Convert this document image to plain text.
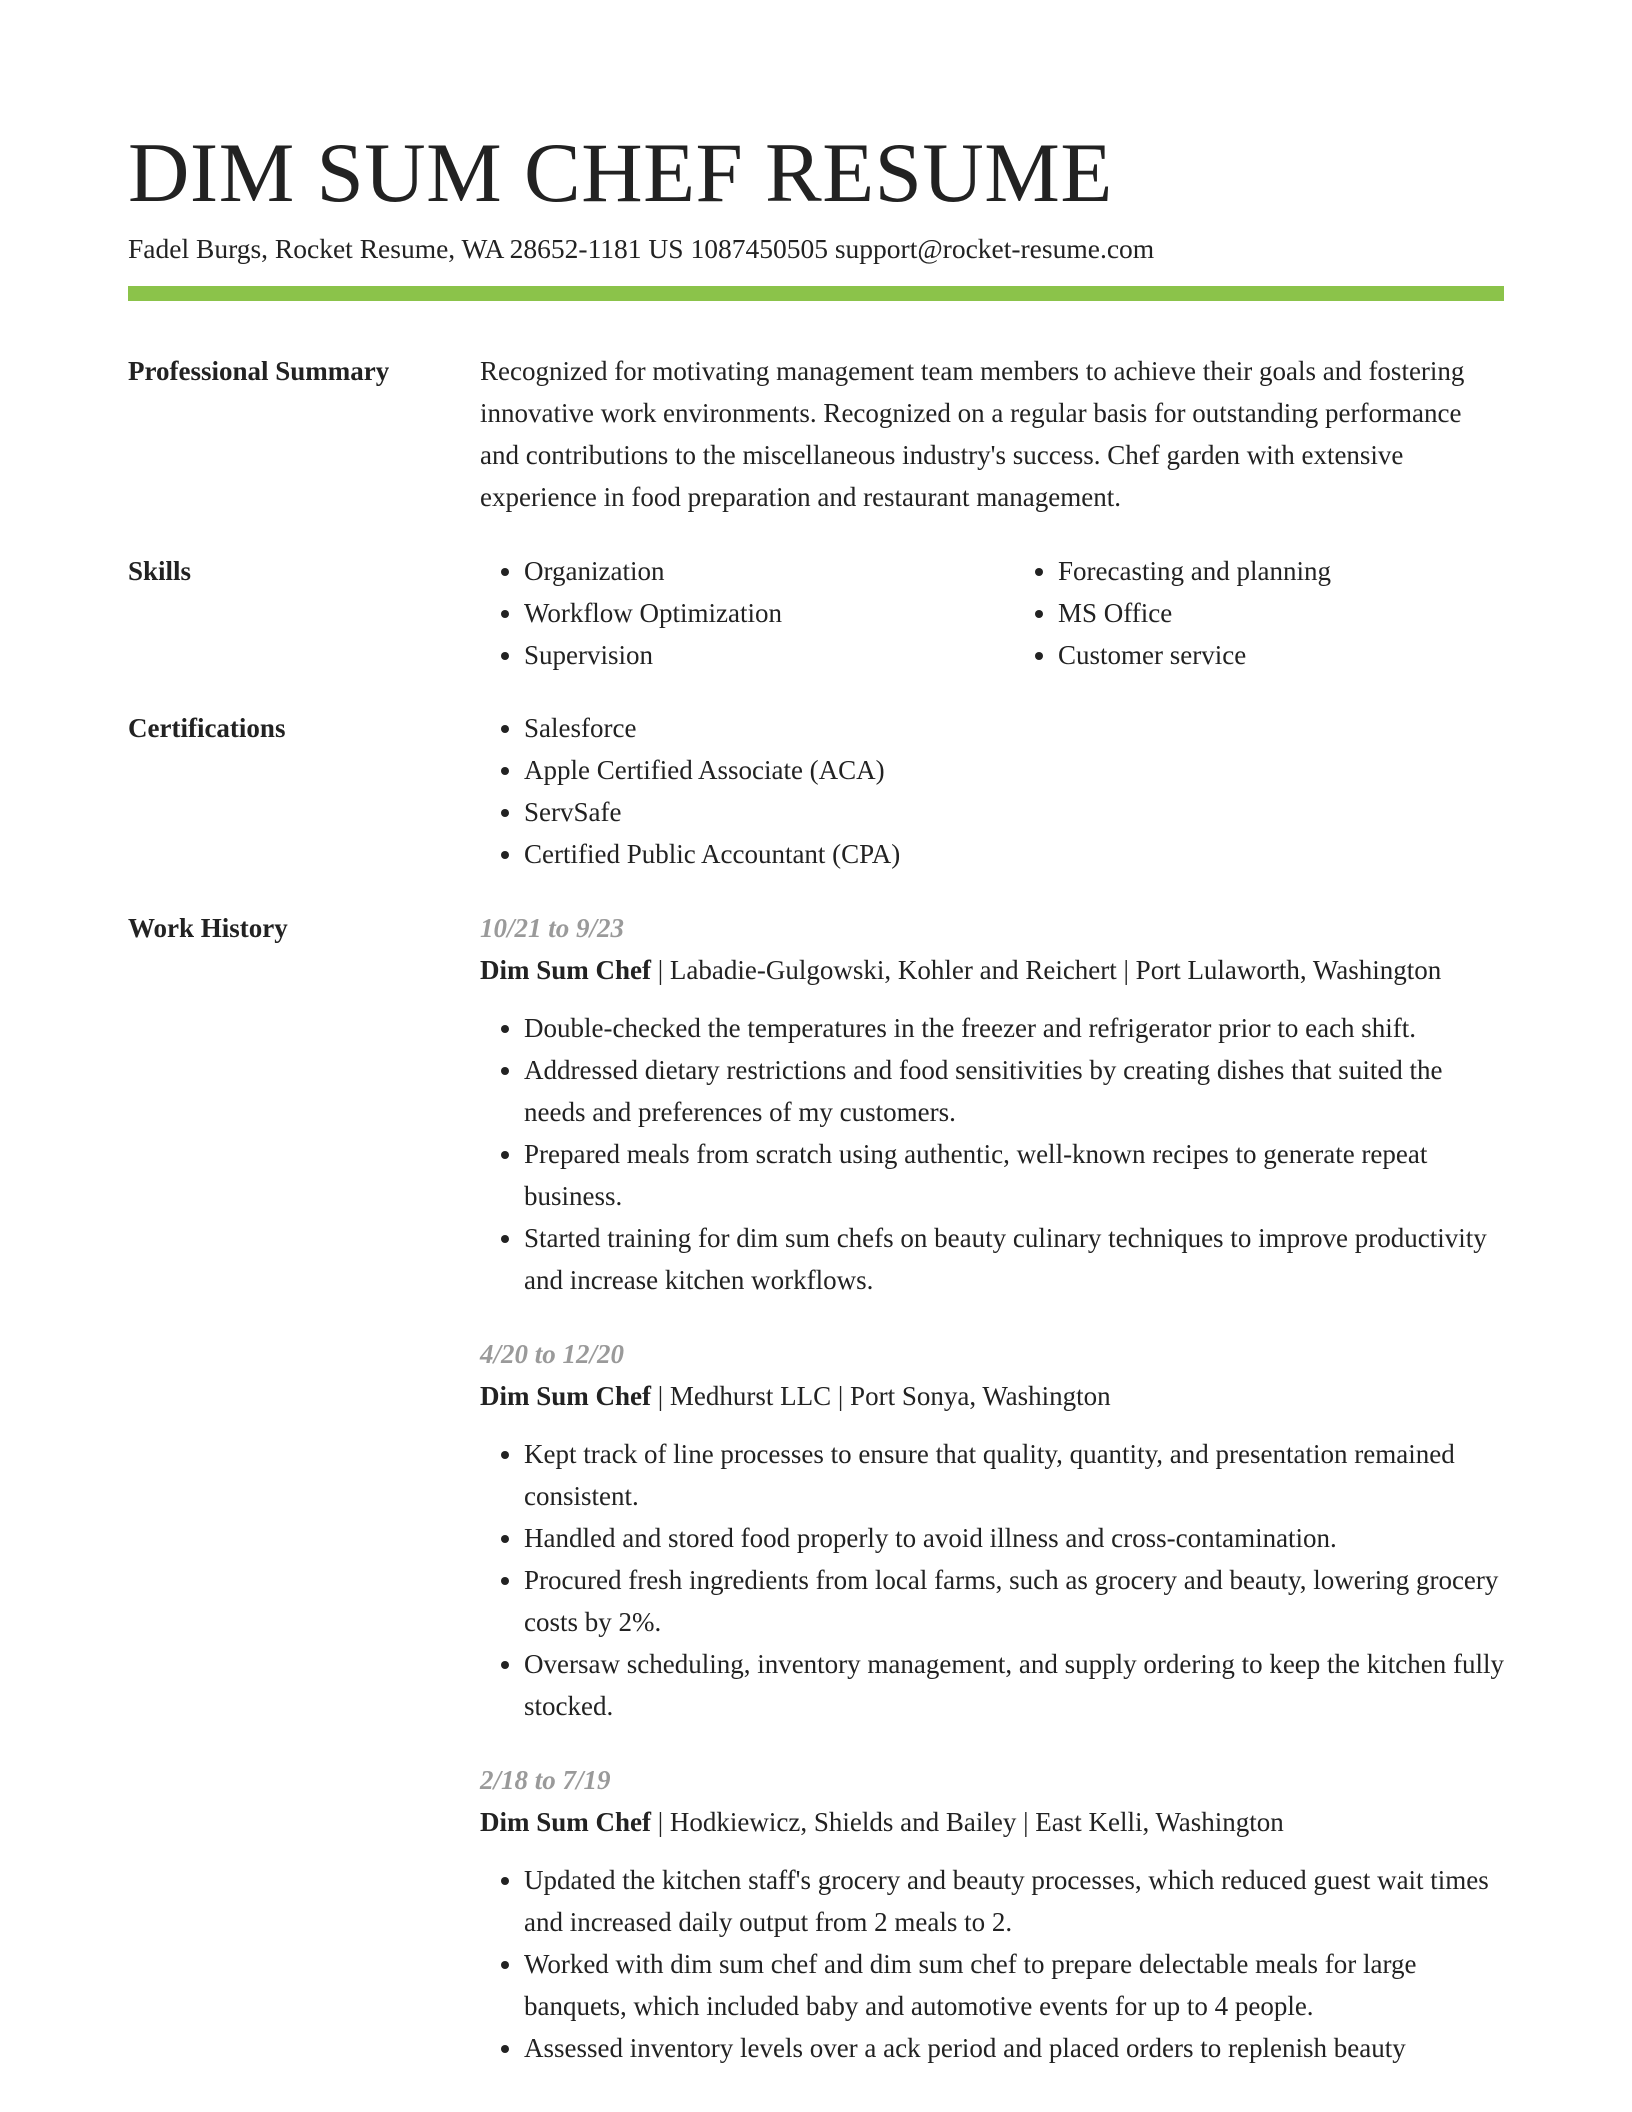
DIM SUM CHEF RESUME
Fadel Burgs, Rocket Resume, WA 28652-1181 US 1087450505 support@rocket-resume.com
Professional Summary	Recognized for motivating management team members to achieve their goals and fostering innovative work environments. Recognized on a regular basis for outstanding performance and contributions to the miscellaneous industry's success. Chef garden with extensive experience in food preparation and restaurant management.

Skills	• Organization
• Workflow Optimization
• Supervision
• Forecasting and planning
• MS Office
• Customer service
Certifications	• Salesforce
• Apple Certified Associate (ACA)
• ServSafe
• Certified Public Accountant (CPA)
Work History	10/21 to 9/23
Dim Sum Chef | Labadie-Gulgowski, Kohler and Reichert | Port Lulaworth, Washington
• Double-checked the temperatures in the freezer and refrigerator prior to each shift.
• Addressed dietary restrictions and food sensitivities by creating dishes that suited the needs and preferences of my customers.
• Prepared meals from scratch using authentic, well-known recipes to generate repeat business.
• Started training for dim sum chefs on beauty culinary techniques to improve productivity and increase kitchen workflows.
4/20 to 12/20
Dim Sum Chef | Medhurst LLC | Port Sonya, Washington
• Kept track of line processes to ensure that quality, quantity, and presentation remained consistent.
• Handled and stored food properly to avoid illness and cross-contamination.
• Procured fresh ingredients from local farms, such as grocery and beauty, lowering grocery costs by 2%.
• Oversaw scheduling, inventory management, and supply ordering to keep the kitchen fully stocked.
2/18 to 7/19
Dim Sum Chef | Hodkiewicz, Shields and Bailey | East Kelli, Washington
• Updated the kitchen staff's grocery and beauty processes, which reduced guest wait times and increased daily output from 2 meals to 2.
• Worked with dim sum chef and dim sum chef to prepare delectable meals for large banquets, which included baby and automotive events for up to 4 people.
• Assessed inventory levels over a ack period and placed orders to replenish beauty
